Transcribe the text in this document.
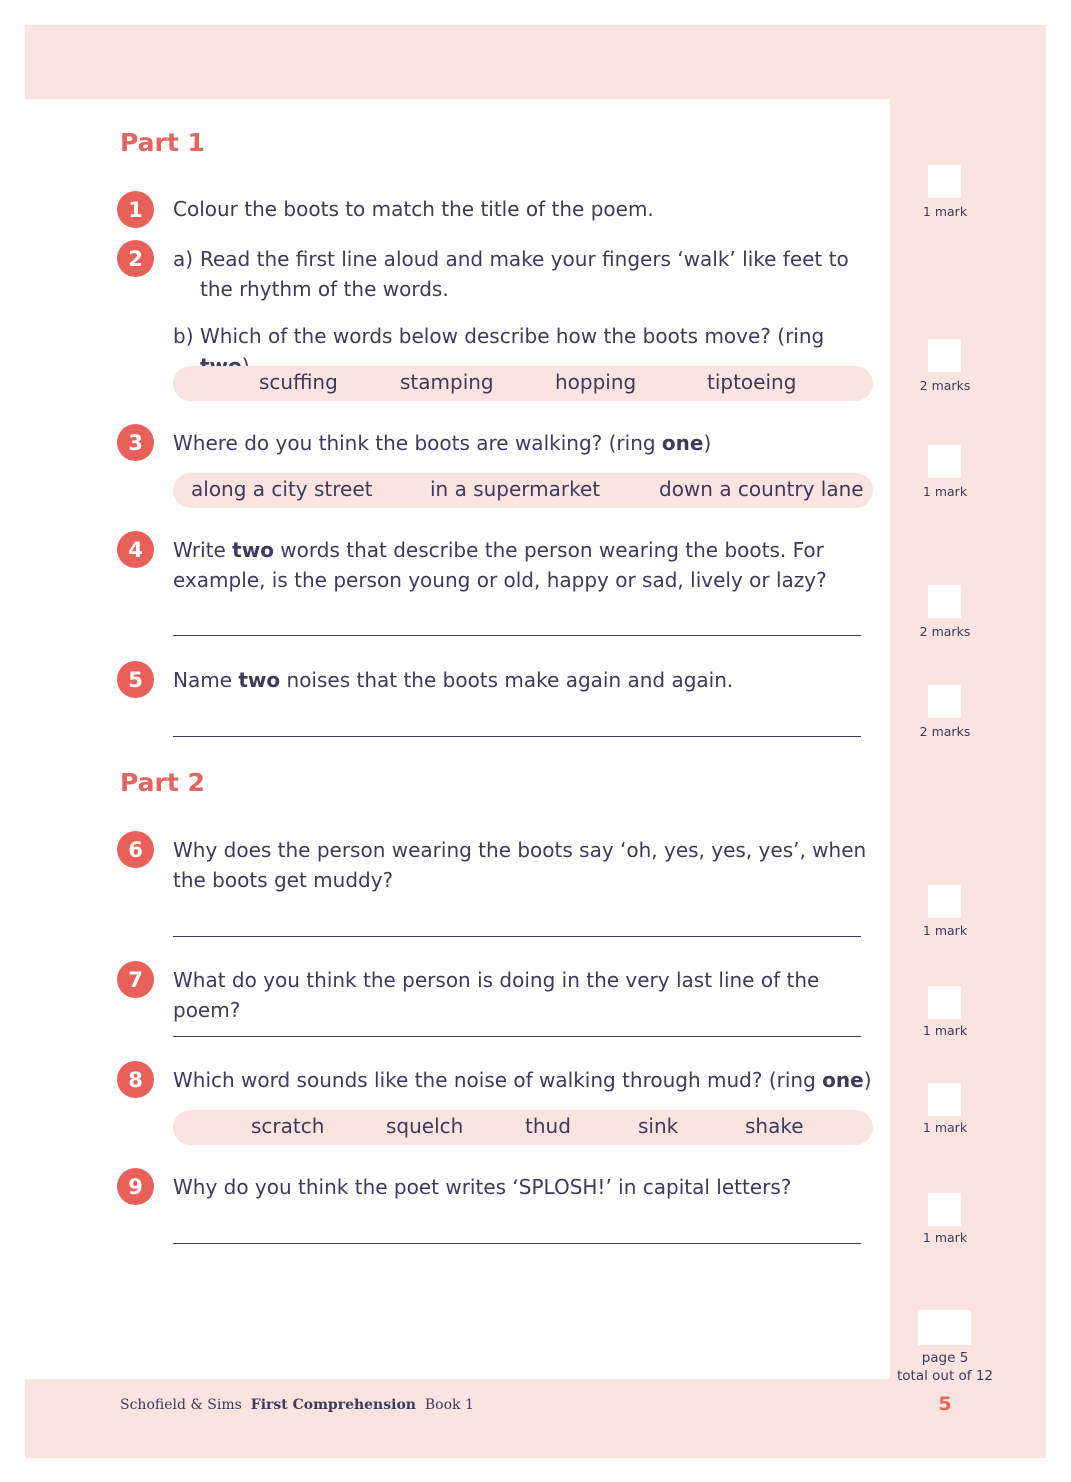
Part 1
1	Colour the boots to match the title of the poem.
2	a) Read the first line aloud and make your fingers ‘walk’ like feet to the rhythm of the words.
b) Which of the words below describe how the boots move? (ring
scuffing	stamping	hopping	tiptoeing
3	Where do you think the boots are walking? (ring one)
along a city street	in a supermarket	down a country lane
4	Write two words that describe the person wearing the boots. For example, is the person young or old, happy or sad, lively or lazy?
5	Name two noises that the boots make again and again.
Part 2
6	Why does the person wearing the boots say ‘oh, yes, yes, yes’, when the boots get muddy?
7	What do you think the person is doing in the very last line of the poem?
8	Which word sounds like the noise of walking through mud? (ring one)
scratch	squelch	thud	sink	shake
9	Why do you think the poet writes ‘SPLOSH!’ in capital letters?
1 mark
2 marks
1 mark
2 marks
2 marks
1 mark
1 mark
1 mark
1 mark
page 5
total out of 12
Schofield & Sims First Comprehension Book 1	5
